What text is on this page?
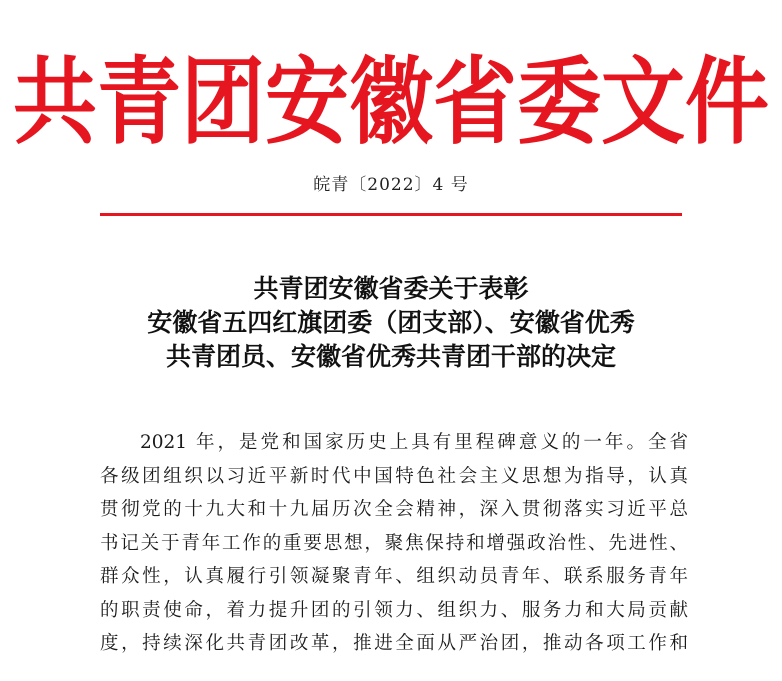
共青团安徽省委文件
皖青〔2022〕4 号
共青团安徽省委关于表彰
安徽省五四红旗团委（团支部）、安徽省优秀
共青团员、安徽省优秀共青团干部的决定
2021 年，是党和国家历史上具有里程碑意义的一年。全省
各级团组织以习近平新时代中国特色社会主义思想为指导，认真
贯彻党的十九大和十九届历次全会精神，深入贯彻落实习近平总
书记关于青年工作的重要思想，聚焦保持和增强政治性、先进性、
群众性，认真履行引领凝聚青年、组织动员青年、联系服务青年
的职责使命，着力提升团的引领力、组织力、服务力和大局贡献
度，持续深化共青团改革，推进全面从严治团，推动各项工作和
